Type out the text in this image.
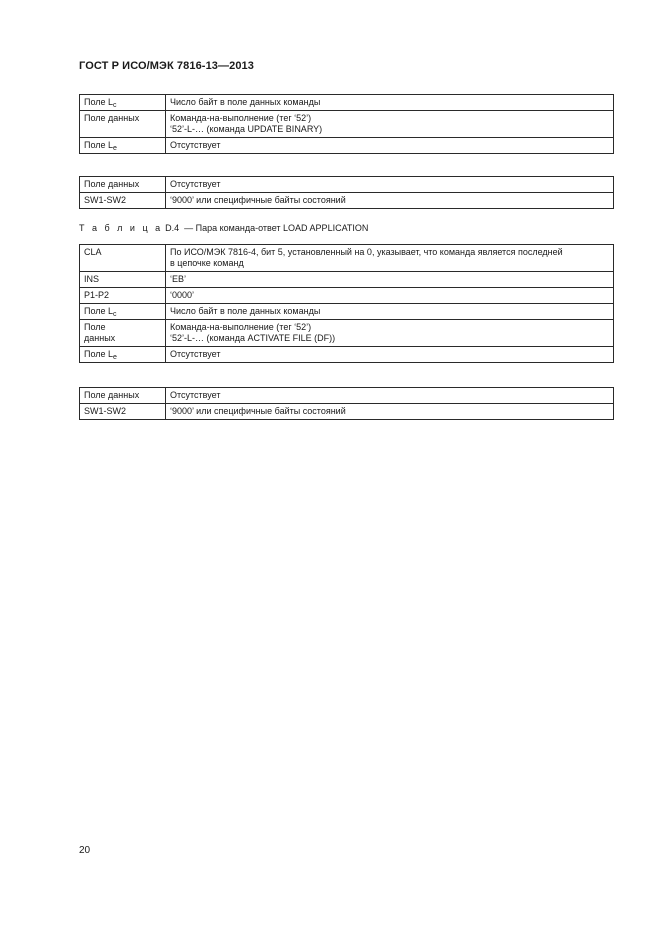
ГОСТ Р ИСО/МЭК 7816-13—2013
Поле $L_c$	Число байт в поле данных команды

Поле данных	Команда-на-выполнение (тег ‘52’)
‘52’-L-… (команда UPDATE BINARY)

Поле $L_e$	Отсутствует
Поле данных	Отсутствует
SW1-SW2	‘9000’ или специфичные байты состояний
Т а б л и ц а D.4 — Пара команда-ответ LOAD APPLICATION
CLA	По ИСО/МЭК 7816-4, бит 5, установленный на 0, указывает, что команда является последней
в цепочке команд

INS	‘EB’

P1-P2	‘0000’

Поле $L_c$	Число байт в поле данных команды

Поле
данных	Команда-на-выполнение (тег ‘52’)
‘52’-L-… (команда ACTIVATE FILE (DF))

Поле $L_e$	Отсутствует
Поле данных	Отсутствует
SW1-SW2	‘9000’ или специфичные байты состояний
20
